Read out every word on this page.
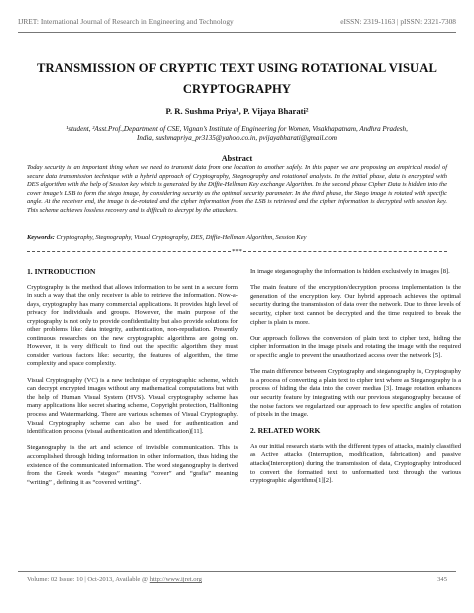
IJRET: International Journal of Research in Engineering and Technology	eISSN: 2319-1163 | pISSN: 2321-7308
TRANSMISSION OF CRYPTIC TEXT USING ROTATIONAL VISUAL CRYPTOGRAPHY
P. R. Sushma Priya¹, P. Vijaya Bharati²
¹student, ²Asst.Prof.,Department of CSE, Vignan’s Institute of Engineering for Women, Visakhapatnam, Andhra Pradesh,
India, sushmapriya_pr3135@yahoo.co.in, pvijayabharati@gmail.com
Abstract
Today security is an important thing when we need to transmit data from one location to another safely. In this paper we are proposing an empirical model of secure data transmission technique with a hybrid approach of Cryptography, Stegnography and rotational analysis. In the initial phase, data is encrypted with DES algorithm with the help of Session key which is generated by the Diffie-Hellman Key exchange Algorithm. In the second phase Cipher Data is hidden into the cover image’s LSB to form the stego image, by considering security as the optimal security parameter. In the third phase, the Stego image is rotated with specific angle. At the receiver end, the image is de-rotated and the cipher information from the LSB is retrieved and the cipher information is decrypted with session key. This scheme achieves lossless recovery and is difficult to decrypt by the attackers.
Keywords: Cryptography, Stegnography, Visual Cryptography, DES, Diffie-Hellman Algorithm, Session Key
***
1. INTRODUCTION

Cryptography is the method that allows information to be sent in a secure form in such a way that the only receiver is able to retrieve the information. Now-a-days, cryptography has many commercial applications. It provides high level of privacy for individuals and groups. However, the main purpose of the cryptography is not only to provide confidentiality but also provide solutions for other problems like: data integrity, authentication, non-repudiation. Presently continuous researches on the new cryptographic algorithms are going on. However, it is very difficult to find out the specific algorithm they must consider various factors like: security, the features of algorithm, the time complexity and space complexity.

Visual Cryptography (VC) is a new technique of cryptographic scheme, which can decrypt encrypted images without any mathematical computations but with the help of Human Visual System (HVS). Visual cryptography scheme has many applications like secret sharing scheme, Copyright protection, Halftoning process and Watermarking. There are various schemes of Visual Cryptography. Visual Cryptography scheme can also be used for authentication and identification process (visual authentication and identification)[11].

Steganography is the art and science of invisible communication. This is accomplished through hiding information in other information, thus hiding the existence of the communicated information. The word steganography is derived from the Greek words “stegos” meaning “cover” and “grafia” meaning “writing” , defining it as “covered writing”.

In image steganography the information is hidden exclusively in images [8].

The main feature of the encryption/decryption process implementation is the generation of the encryption key. Our hybrid approach achieves the optimal security during the transmission of data over the network. Due to three levels of security, cipher text cannot be decrypted and the time required to break the cipher is plain is more.

Our approach follows the conversion of plain text to cipher text, hiding the cipher information in the image pixels and rotating the image with the required or specific angle to prevent the unauthorized access over the network [5].

The main difference between Cryptography and steganography is, Cryptography is a process of converting a plain text to cipher text where as Steganography is a process of hiding the data into the cover medias [3]. Image rotation enhances our security feature by integrating with our previous steganography because of the noise factors we regularized our approach to few specific angles of rotation of pixels in the image.

2. RELATED WORK

As our initial research starts with the different types of attacks, mainly classified as Active attacks (Interruption, modification, fabrication) and passive attacks(Interception) during the transmission of data, Cryptography introduced to convert the formatted text to unformatted text through the various cryptographic algorithms[1][2].

Volume: 02 Issue: 10 | Oct-2013, Available @ http://www.ijret.org	345
